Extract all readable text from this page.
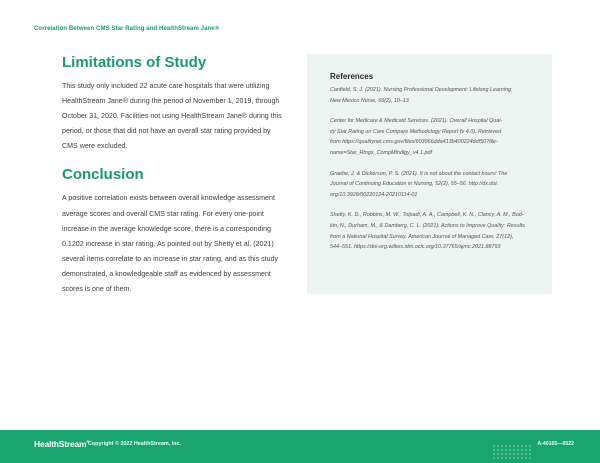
Correlation Between CMS Star Rating and HealthStream Jane®
Limitations of Study
This study only included 22 acute care hospitals that were utilizing
HealthStream Jane® during the period of November 1, 2019, through
October 31, 2020. Facilities not using HealthStream Jane® during this
period, or those that did not have an overall star rating provided by
CMS were excluded.
Conclusion
A positive correlation exists between overall knowledge assessment
average scores and overall CMS star rating. For every one-point
increase in the average knowledge score, there is a corresponding
0.1202 increase in star rating. As pointed out by Shetty et al. (2021)
several items correlate to an increase in star rating, and as this study
demonstrated, a knowledgeable staff as evidenced by assessment
scores is one of them.
References
Canfield, S. J. (2021). Nursing Professional Development: Lifelong Learning
New Mexico Nurse, 66(2), 10–13
Center for Medicare & Medicaid Services. (2021). Overall Hospital Qual-
ity Star Rating on Care Compare Methodology Report (v 4.0). Retrieved
from https://qualitynet.cms.gov/files/603966dda413b400224ddf50?file-
name=Star_Rtngs_CompMthdlgy_v4.1.pdf
Graebe, J. & Dickerson, P. S. (2021). It is not about the contact hours! The
Journal of Continuing Education in Nursing, 52(2), 55–56. http://dx.doi.
org/10.3928/00220124-20210114-01
Shetty, K. D., Robbins, M. W., Tolpadi, A. A., Campbell, K. N., Clancy, A. M., Bod-
kin, N., Durham, M., & Damberg, C. L. (2021). Actions to Improve Quality: Results
from a National Hospital Survey. American Journal of Managed Care, 27(12),
544–551. https://doi-org.wilkes.idm.oclc.org/10.37765/ajmc.2021.88793
HealthStream®
Copyright © 2022 HealthStream, Inc.	A-40165—0522
